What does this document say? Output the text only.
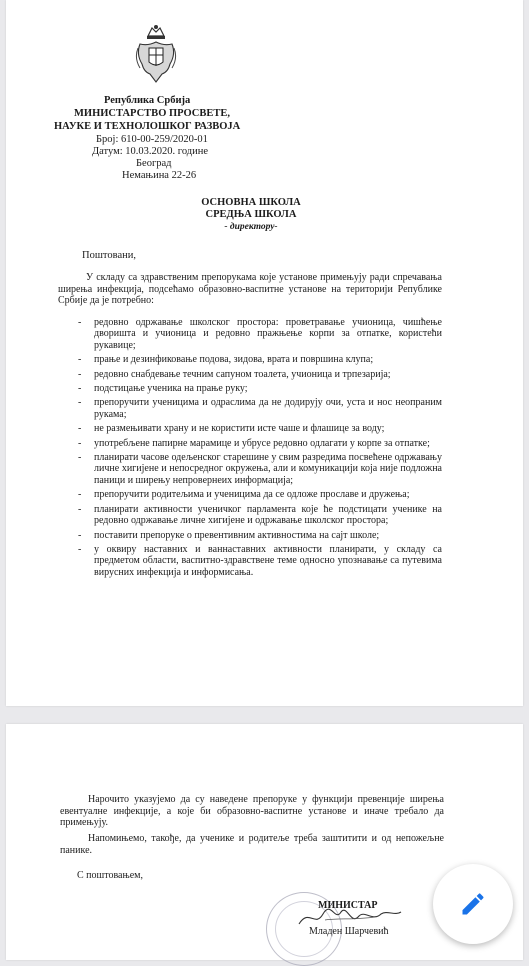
Република Србија
МИНИСТАРСТВО ПРОСВЕТЕ,
НАУКЕ И ТЕХНОЛОШКОГ РАЗВОЈА
Број: 610-00-259/2020-01
Датум: 10.03.2020. године
Београд
Немањина 22-26
ОСНОВНА ШКОЛА
СРЕДЊА ШКОЛА
- директору-
Поштовани,
У складу са здравственим препорукама које установе примењују ради спречавања ширења инфекција, подсећамо образовно-васпитне установе на територији Републике Србије да је потребно:
- редовно одржавање школског простора: проветравање учионица, чишћење дворишта и учионица и редовно пражњење корпи за отпатке, користећи рукавице;
- прање и дезинфиковање подова, зидова, врата и површина клупа;
- редовно снабдевање течним сапуном тоалета, учионица и трпезарија;
- подстицање ученика на прање руку;
- препоручити ученицима и одраслима да не додирују очи, уста и нос неопраним рукама;
- не размењивати храну и не користити исте чаше и флашице за воду;
- употребљене папирне марамице и убрусе редовно одлагати у корпе за отпатке;
- планирати часове одељенског старешине у свим разредима посвећене одржавању личне хигијене и непосредног окружења, али и комуникацији која није подложна паници и ширењу непровернеих информација;
- препоручити родитељима и ученицима да се одложе прославе и дружења;
- планирати активности ученичког парламента које ће подстицати ученике на редовно одржавање личне хигијене и одржавање школског простора;
- поставити препоруке о превентивним активностима на сајт школе;
- у оквиру наставних и ваннаставних активности планирати, у складу са предметом области, васпитно-здравствене теме односно упознавање са путевима вирусних инфекција и информисања.
Нарочито указујемо да су наведене препоруке у функцији превенције ширења евентуалне инфекције, а које би образовно-васпитне установе и иначе требало да примењују.
Напомињемо, такође, да ученике и родитеље треба заштитити и од непожељне панике.
С поштовањем,
МИНИСТАР
Младен Шарчевић
